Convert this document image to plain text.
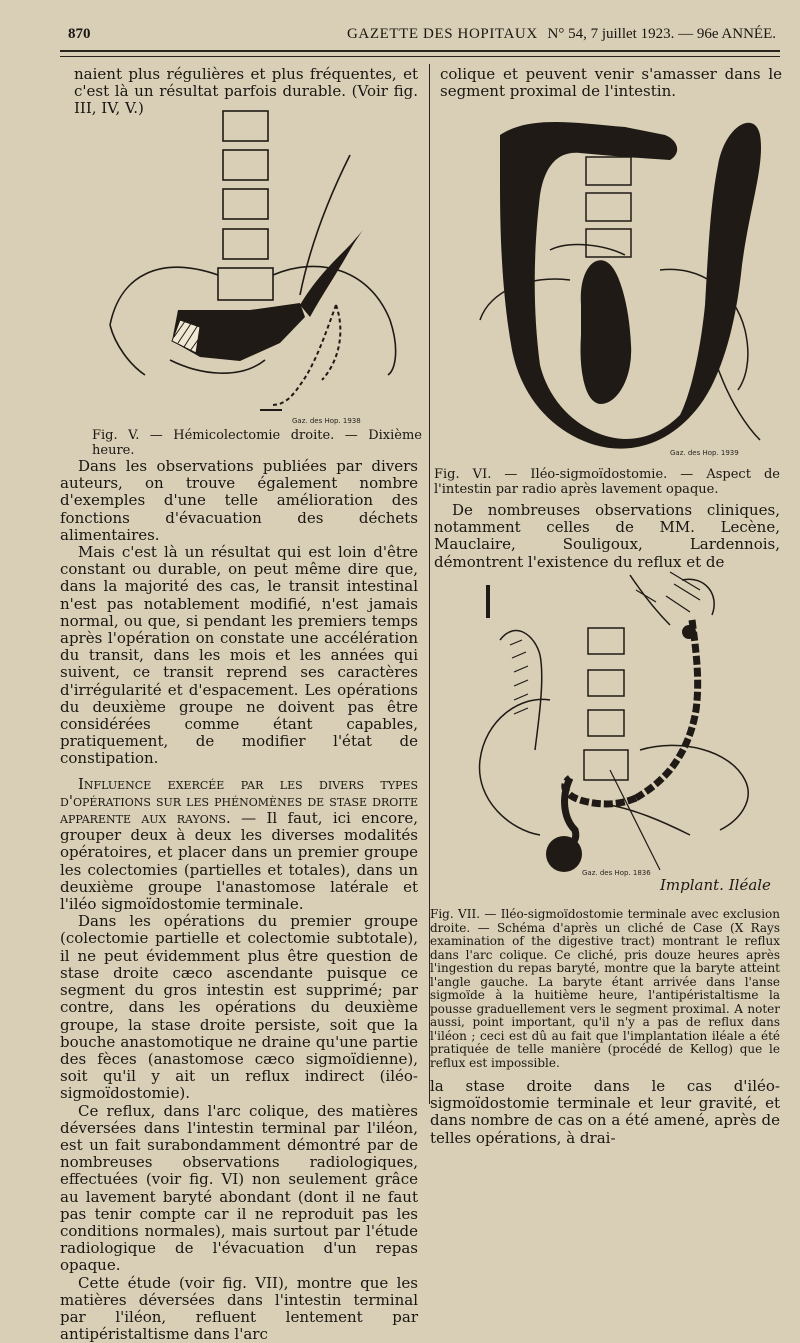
870	GAZETTE DES HOPITAUX N° 54, 7 juillet 1923. — 96e ANNÉE.

naient plus régulières et plus fréquentes, et c'est là un résultat parfois durable. (Voir fig. III, IV, V.)

Gaz. des Hop. 1938

Fig. V. — Hémicolectomie droite. — Dixième heure.

Dans les observations publiées par divers auteurs, on trouve également nombre d'exemples d'une telle amélioration des fonctions d'évacuation des déchets alimentaires.

Mais c'est là un résultat qui est loin d'être constant ou durable, on peut même dire que, dans la majorité des cas, le transit intestinal n'est pas notablement modifié, n'est jamais normal, ou que, si pendant les premiers temps après l'opération on constate une accélération du transit, dans les mois et les années qui suivent, ce transit reprend ses caractères d'irrégularité et d'espacement. Les opérations du deuxième groupe ne doivent pas être considérées comme étant capables, pratiquement, de modifier l'état de constipation.

Influence exercée par les divers types d'opérations sur les phénomènes de stase droite apparente aux rayons. — Il faut, ici encore, grouper deux à deux les diverses modalités opératoires, et placer dans un premier groupe les colectomies (partielles et totales), dans un deuxième groupe l'anastomose latérale et l'iléo sigmoïdostomie terminale.

Dans les opérations du premier groupe (colectomie partielle et colectomie subtotale), il ne peut évidemment plus être question de stase droite cæco ascendante puisque ce segment du gros intestin est supprimé; par contre, dans les opérations du deuxième groupe, la stase droite persiste, soit que la bouche anastomotique ne draine qu'une partie des fèces (anastomose cæco sigmoïdienne), soit qu'il y ait un reflux indirect (iléo-sigmoïdostomie).

Ce reflux, dans l'arc colique, des matières déversées dans l'intestin terminal par l'iléon, est un fait surabondamment démontré par de nombreuses observations radiologiques, effectuées (voir fig. VI) non seulement grâce au lavement baryté abondant (dont il ne faut pas tenir compte car il ne reproduit pas les conditions normales), mais surtout par l'étude radiologique de l'évacuation d'un repas opaque.

Cette étude (voir fig. VII), montre que les matières déversées dans l'intestin terminal par l'iléon, refluent lentement par antipéristaltisme dans l'arc

colique et peuvent venir s'amasser dans le segment proximal de l'intestin.

Gaz. des Hop. 1939

Fig. VI. — Iléo-sigmoïdostomie. — Aspect de l'intestin par radio après lavement opaque.

De nombreuses observations cliniques, notamment celles de MM. Lecène, Mauclaire, Souligoux, Lardennois, démontrent l'existence du reflux et de

Gaz. des Hop. 1836
Implant. Iléale

Fig. VII. — Iléo-sigmoïdostomie terminale avec exclusion droite. — Schéma d'après un cliché de Case (X Rays examination of the digestive tract) montrant le reflux dans l'arc colique. Ce cliché, pris douze heures après l'ingestion du repas baryté, montre que la baryte atteint l'angle gauche. La baryte étant arrivée dans l'anse sigmoïde à la huitième heure, l'antipéristaltisme la pousse graduellement vers le segment proximal. A noter aussi, point important, qu'il n'y a pas de reflux dans l'iléon ; ceci est dû au fait que l'implantation iléale a été pratiquée de telle manière (procédé de Kellog) que le reflux est impossible.

la stase droite dans le cas d'iléo-sigmoïdostomie terminale et leur gravité, et dans nombre de cas on a été amené, après de telles opérations, à drai-
